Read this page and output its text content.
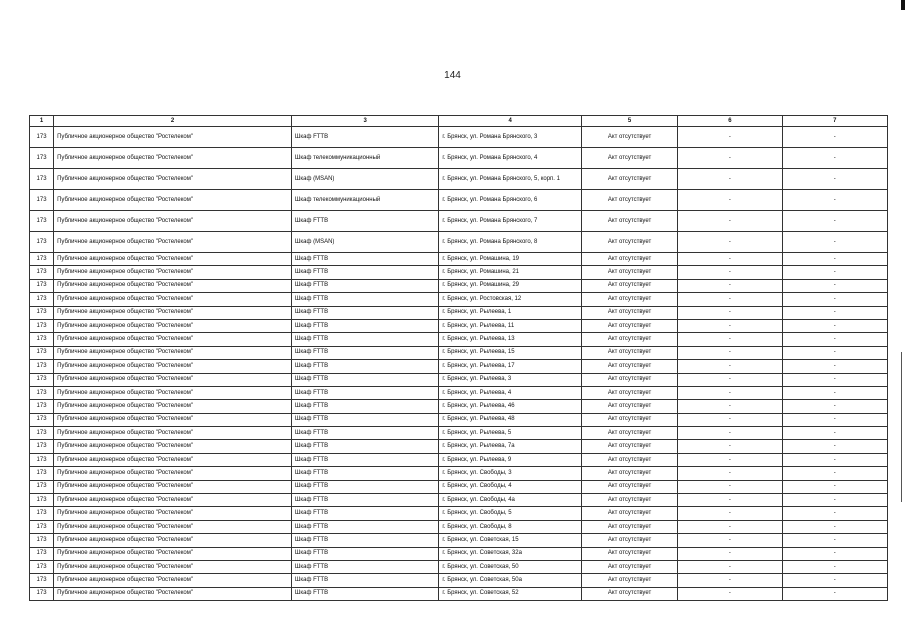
144
1	2	3	4	5	6	7
173	Публичное акционерное общество "Ростелеком"	Шкаф FTTB	г. Брянск, ул. Романа Брянского, 3	Акт отсутствует	-	-
173	Публичное акционерное общество "Ростелеком"	Шкаф телекоммуникационный	г. Брянск, ул. Романа Брянского, 4	Акт отсутствует	-	-
173	Публичное акционерное общество "Ростелеком"	Шкаф (MSAN)	г. Брянск, ул. Романа Брянского, 5, корп. 1	Акт отсутствует	-	-
173	Публичное акционерное общество "Ростелеком"	Шкаф телекоммуникационный	г. Брянск, ул. Романа Брянского, 6	Акт отсутствует	-	-
173	Публичное акционерное общество "Ростелеком"	Шкаф FTTB	г. Брянск, ул. Романа Брянского, 7	Акт отсутствует	-	-
173	Публичное акционерное общество "Ростелеком"	Шкаф (MSAN)	г. Брянск, ул. Романа Брянского, 8	Акт отсутствует	-	-
173	Публичное акционерное общество "Ростелеком"	Шкаф FTTB	г. Брянск, ул. Ромашина, 19	Акт отсутствует	-	-
173	Публичное акционерное общество "Ростелеком"	Шкаф FTTB	г. Брянск, ул. Ромашина, 21	Акт отсутствует	-	-
173	Публичное акционерное общество "Ростелеком"	Шкаф FTTB	г. Брянск, ул. Ромашина, 29	Акт отсутствует	-	-
173	Публичное акционерное общество "Ростелеком"	Шкаф FTTB	г. Брянск, ул. Ростовская, 12	Акт отсутствует	-	-
173	Публичное акционерное общество "Ростелеком"	Шкаф FTTB	г. Брянск, ул. Рылеева, 1	Акт отсутствует	-	-
173	Публичное акционерное общество "Ростелеком"	Шкаф FTTB	г. Брянск, ул. Рылеева, 11	Акт отсутствует	-	-
173	Публичное акционерное общество "Ростелеком"	Шкаф FTTB	г. Брянск, ул. Рылеева, 13	Акт отсутствует	-	-
173	Публичное акционерное общество "Ростелеком"	Шкаф FTTB	г. Брянск, ул. Рылеева, 15	Акт отсутствует	-	-
173	Публичное акционерное общество "Ростелеком"	Шкаф FTTB	г. Брянск, ул. Рылеева, 17	Акт отсутствует	-	-
173	Публичное акционерное общество "Ростелеком"	Шкаф FTTB	г. Брянск, ул. Рылеева, 3	Акт отсутствует	-	-
173	Публичное акционерное общество "Ростелеком"	Шкаф FTTB	г. Брянск, ул. Рылеева, 4	Акт отсутствует	-	-
173	Публичное акционерное общество "Ростелеком"	Шкаф FTTB	г. Брянск, ул. Рылеева, 46	Акт отсутствует	-	-
173	Публичное акционерное общество "Ростелеком"	Шкаф FTTB	г. Брянск, ул. Рылеева, 48	Акт отсутствует	-	-
173	Публичное акционерное общество "Ростелеком"	Шкаф FTTB	г. Брянск, ул. Рылеева, 5	Акт отсутствует	-	-
173	Публичное акционерное общество "Ростелеком"	Шкаф FTTB	г. Брянск, ул. Рылеева, 7а	Акт отсутствует	-	-
173	Публичное акционерное общество "Ростелеком"	Шкаф FTTB	г. Брянск, ул. Рылеева, 9	Акт отсутствует	-	-
173	Публичное акционерное общество "Ростелеком"	Шкаф FTTB	г. Брянск, ул. Свободы, 3	Акт отсутствует	-	-
173	Публичное акционерное общество "Ростелеком"	Шкаф FTTB	г. Брянск, ул. Свободы, 4	Акт отсутствует	-	-
173	Публичное акционерное общество "Ростелеком"	Шкаф FTTB	г. Брянск, ул. Свободы, 4а	Акт отсутствует	-	-
173	Публичное акционерное общество "Ростелеком"	Шкаф FTTB	г. Брянск, ул. Свободы, 5	Акт отсутствует	-	-
173	Публичное акционерное общество "Ростелеком"	Шкаф FTTB	г. Брянск, ул. Свободы, 8	Акт отсутствует	-	-
173	Публичное акционерное общество "Ростелеком"	Шкаф FTTB	г. Брянск, ул. Советская, 15	Акт отсутствует	-	-
173	Публичное акционерное общество "Ростелеком"	Шкаф FTTB	г. Брянск, ул. Советская, 32а	Акт отсутствует	-	-
173	Публичное акционерное общество "Ростелеком"	Шкаф FTTB	г. Брянск, ул. Советская, 50	Акт отсутствует	-	-
173	Публичное акционерное общество "Ростелеком"	Шкаф FTTB	г. Брянск, ул. Советская, 50а	Акт отсутствует	-	-
173	Публичное акционерное общество "Ростелеком"	Шкаф FTTB	г. Брянск, ул. Советская, 52	Акт отсутствует	-	-
